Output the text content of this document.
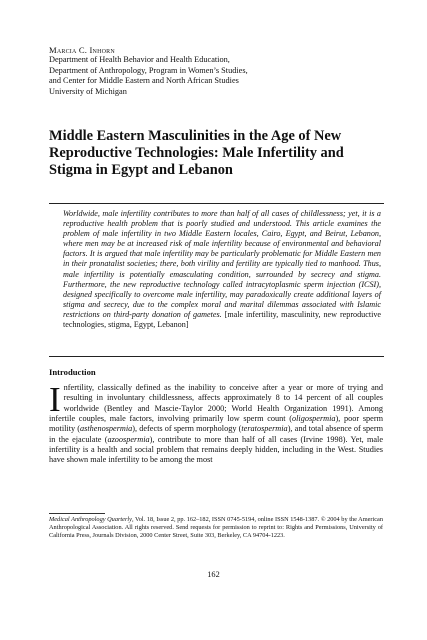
Marcia C. Inhorn
Department of Health Behavior and Health Education,
Department of Anthropology, Program in Women’s Studies,
and Center for Middle Eastern and North African Studies
University of Michigan
Middle Eastern Masculinities in the Age of New Reproductive Technologies: Male Infertility and Stigma in Egypt and Lebanon
Worldwide, male infertility contributes to more than half of all cases of childlessness; yet, it is a reproductive health problem that is poorly studied and understood. This article examines the problem of male infertility in two Middle Eastern locales, Cairo, Egypt, and Beirut, Lebanon, where men may be at increased risk of male infertility because of environmental and behavioral factors. It is argued that male infertility may be particularly problematic for Middle Eastern men in their pronatalist societies; there, both virility and fertility are typically tied to manhood. Thus, male infertility is potentially emasculating condition, surrounded by secrecy and stigma. Furthermore, the new reproductive technology called intracytoplasmic sperm injection (ICSI), designed specifically to overcome male infertility, may paradoxically create additional layers of stigma and secrecy, due to the complex moral and marital dilemmas associated with Islamic restrictions on third-party donation of gametes. [male infertility, masculinity, new reproductive technologies, stigma, Egypt, Lebanon]
Introduction
Infertility, classically defined as the inability to conceive after a year or more of trying and resulting in involuntary childlessness, affects approximately 8 to 14 percent of all couples worldwide (Bentley and Mascie-Taylor 2000; World Health Organization 1991). Among infertile couples, male factors, involving primarily low sperm count (oligospermia), poor sperm motility (asthenospermia), defects of sperm morphology (teratospermia), and total absence of sperm in the ejaculate (azoospermia), contribute to more than half of all cases (Irvine 1998). Yet, male infertility is a health and social problem that remains deeply hidden, including in the West. Studies have shown male infertility to be among the most
Medical Anthropology Quarterly, Vol. 18, Issue 2, pp. 162–182, ISSN 0745-5194, online ISSN 1548-1387. © 2004 by the American Anthropological Association. All rights reserved. Send requests for permission to reprint to: Rights and Permissions, University of California Press, Journals Division, 2000 Center Street, Suite 303, Berkeley, CA 94704-1223.
162
